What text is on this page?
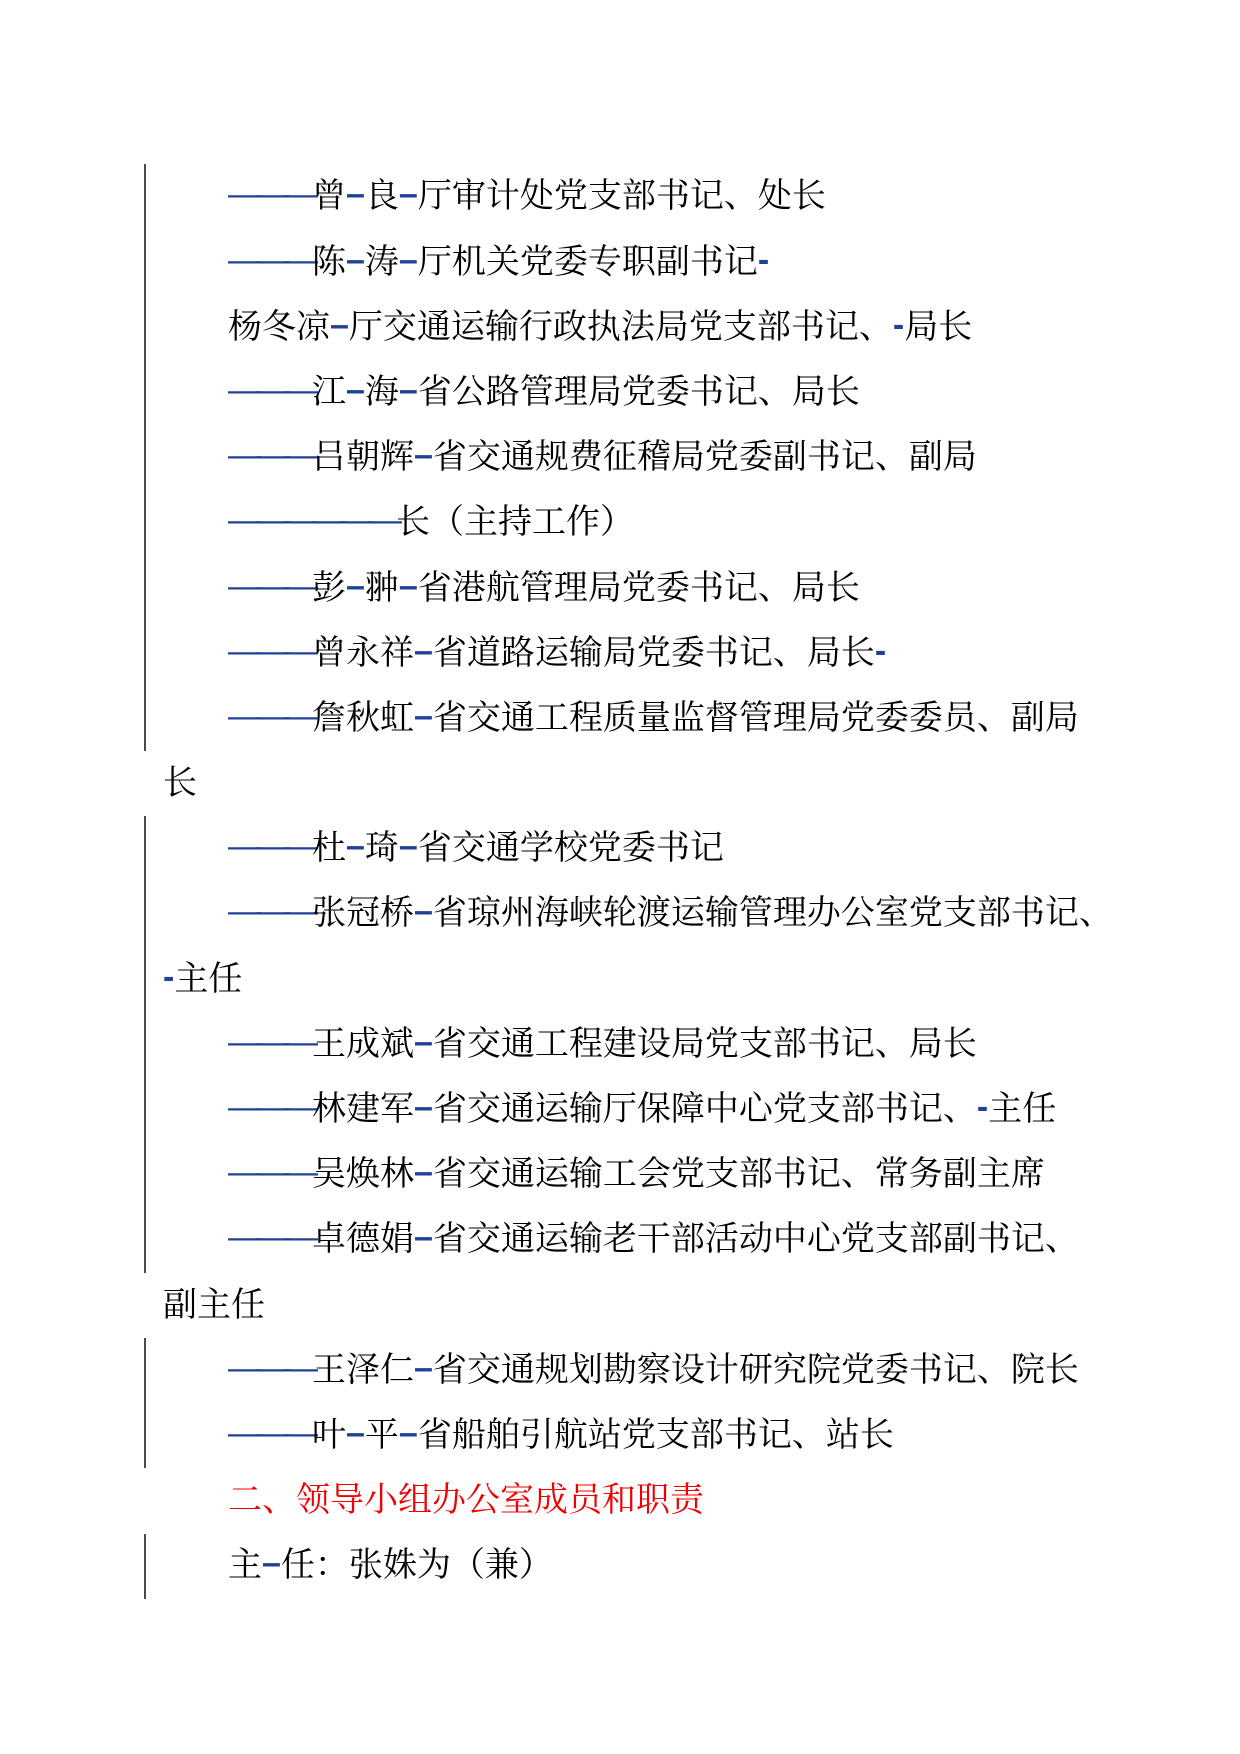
———曾–良–厅审计处党支部书记、处长
———陈–涛–厅机关党委专职副书记-
杨冬凉–厅交通运输行政执法局党支部书记、-局长
———江–海–省公路管理局党委书记、局长
———吕朝辉–省交通规费征稽局党委副书记、副局
——————长（主持工作）
———彭–翀–省港航管理局党委书记、局长
———曾永祥–省道路运输局党委书记、局长-
———詹秋虹–省交通工程质量监督管理局党委委员、副局
长
———杜–琦–省交通学校党委书记
———张冠桥–省琼州海峡轮渡运输管理办公室党支部书记、
-主任
———王成斌–省交通工程建设局党支部书记、局长
———林建军–省交通运输厅保障中心党支部书记、-主任
———吴焕林–省交通运输工会党支部书记、常务副主席
———卓德娟–省交通运输老干部活动中心党支部副书记、
副主任
———王泽仁–省交通规划勘察设计研究院党委书记、院长
———叶–平–省船舶引航站党支部书记、站长
二、领导小组办公室成员和职责
主–任：张姝为（兼）
